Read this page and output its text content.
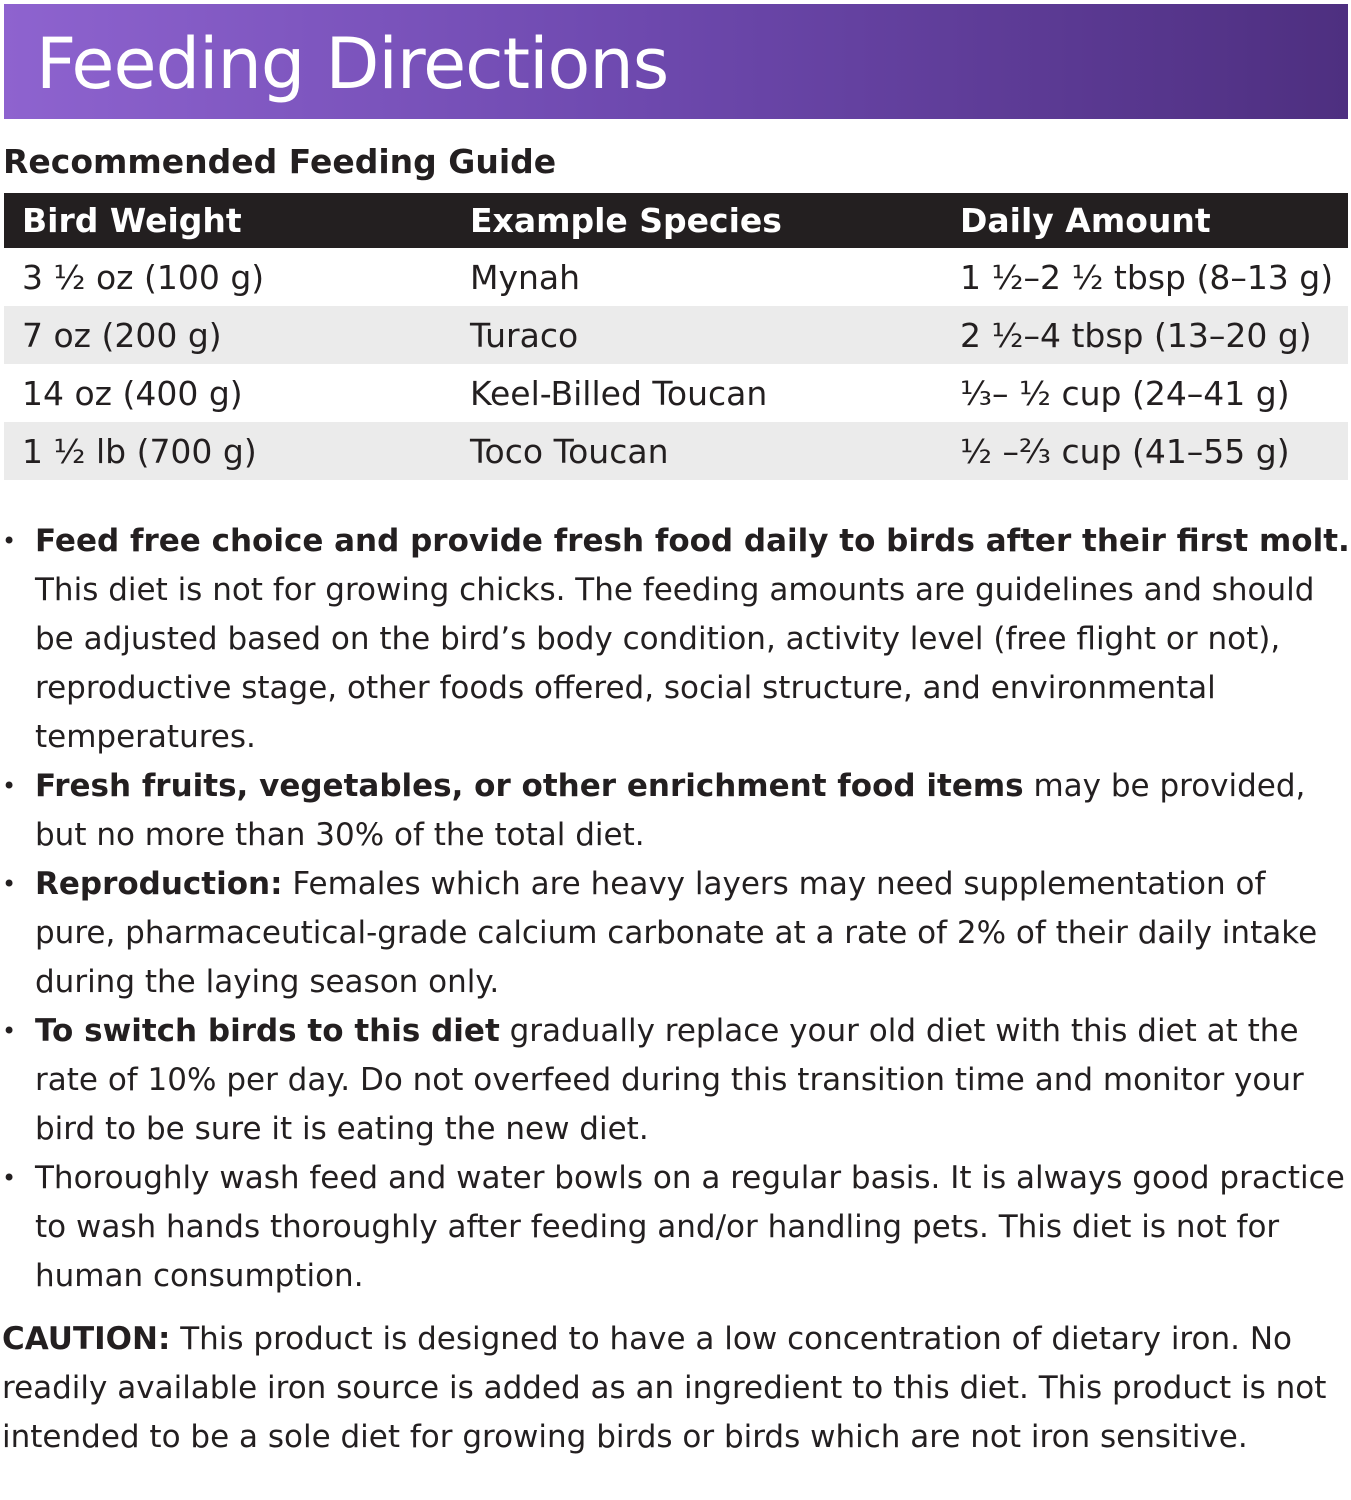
Feeding Directions
Recommended Feeding Guide
Bird Weight	Example Species	Daily Amount
3 ½ oz (100 g)	Mynah	1 ½–2 ½ tbsp (8–13 g)
7 oz (200 g)	Turaco	2 ½–4 tbsp (13–20 g)
14 oz (400 g)	Keel-Billed Toucan	⅓– ½ cup (24–41 g)
1 ½ lb (700 g)	Toco Toucan	½ –⅔ cup (41–55 g)
• Feed free choice and provide fresh food daily to birds after their first molt. This diet is not for growing chicks. The feeding amounts are guidelines and should be adjusted based on the bird’s body condition, activity level (free flight or not), reproductive stage, other foods offered, social structure, and environmental temperatures.
• Fresh fruits, vegetables, or other enrichment food items may be provided, but no more than 30% of the total diet.
• Reproduction: Females which are heavy layers may need supplementation of pure, pharmaceutical-grade calcium carbonate at a rate of 2% of their daily intake during the laying season only.
• To switch birds to this diet gradually replace your old diet with this diet at the rate of 10% per day. Do not overfeed during this transition time and monitor your bird to be sure it is eating the new diet.
• Thoroughly wash feed and water bowls on a regular basis. It is always good practice to wash hands thoroughly after feeding and/or handling pets. This diet is not for human consumption.

CAUTION: This product is designed to have a low concentration of dietary iron. No readily available iron source is added as an ingredient to this diet. This product is not intended to be a sole diet for growing birds or birds which are not iron sensitive.
